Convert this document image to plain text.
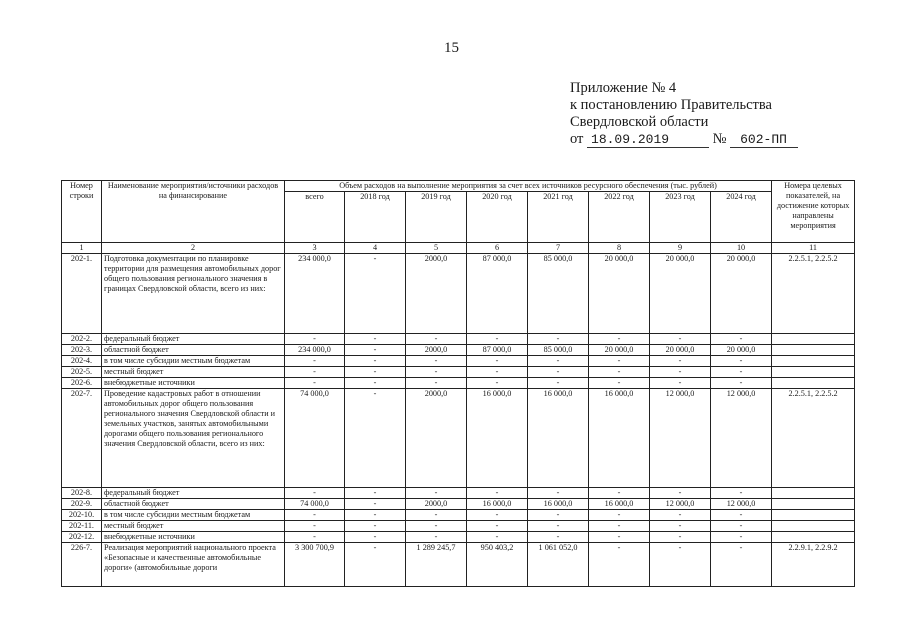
15
Приложение № 4
к постановлению Правительства
Свердловской области
от 18.09.2019	№ 602-ПП
Номер строки	Наименование мероприятия/источники расходов на финансирование	Объем расходов на выполнение мероприятия за счет всех источников ресурсного обеспечения (тыс. рублей)								Номера целевых показателей, на достижение которых направлены мероприятия
		всего	2018 год	2019 год	2020 год	2021 год	2022 год	2023 год	2024 год	
1	2	3	4	5	6	7	8	9	10	11
202-1.	Подготовка документации по планировке территории для размещения автомобильных дорог общего пользования регионального значения в границах Свердловской области, всего из них:	234 000,0	-	2000,0	87 000,0	85 000,0	20 000,0	20 000,0	20 000,0	2.2.5.1, 2.2.5.2
202-2.	федеральный бюджет	-	-	-	-	-	-	-	-	
202-3.	областной бюджет	234 000,0	-	2000,0	87 000,0	85 000,0	20 000,0	20 000,0	20 000,0	
202-4.	в том числе субсидии местным бюджетам	-	-	-	-	-	-	-	-	
202-5.	местный бюджет	-	-	-	-	-	-	-	-	
202-6.	внебюджетные источники	-	-	-	-	-	-	-	-	
202-7.	Проведение кадастровых работ в отношении автомобильных дорог общего пользования регионального значения Свердловской области и земельных участков, занятых автомобильными дорогами общего пользования регионального значения Свердловской области, всего из них:	74 000,0	-	2000,0	16 000,0	16 000,0	16 000,0	12 000,0	12 000,0	2.2.5.1, 2.2.5.2
202-8.	федеральный бюджет	-	-	-	-	-	-	-	-	
202-9.	областной бюджет	74 000,0	-	2000,0	16 000,0	16 000,0	16 000,0	12 000,0	12 000,0	
202-10.	в том числе субсидии местным бюджетам	-	-	-	-	-	-	-	-	
202-11.	местный бюджет	-	-	-	-	-	-	-	-	
202-12.	внебюджетные источники	-	-	-	-	-	-	-	-	
226-7.	Реализация мероприятий национального проекта «Безопасные и качественные автомобильные дороги» (автомобильные дороги	3 300 700,9	-	1 289 245,7	950 403,2	1 061 052,0	-	-	-	2.2.9.1, 2.2.9.2
